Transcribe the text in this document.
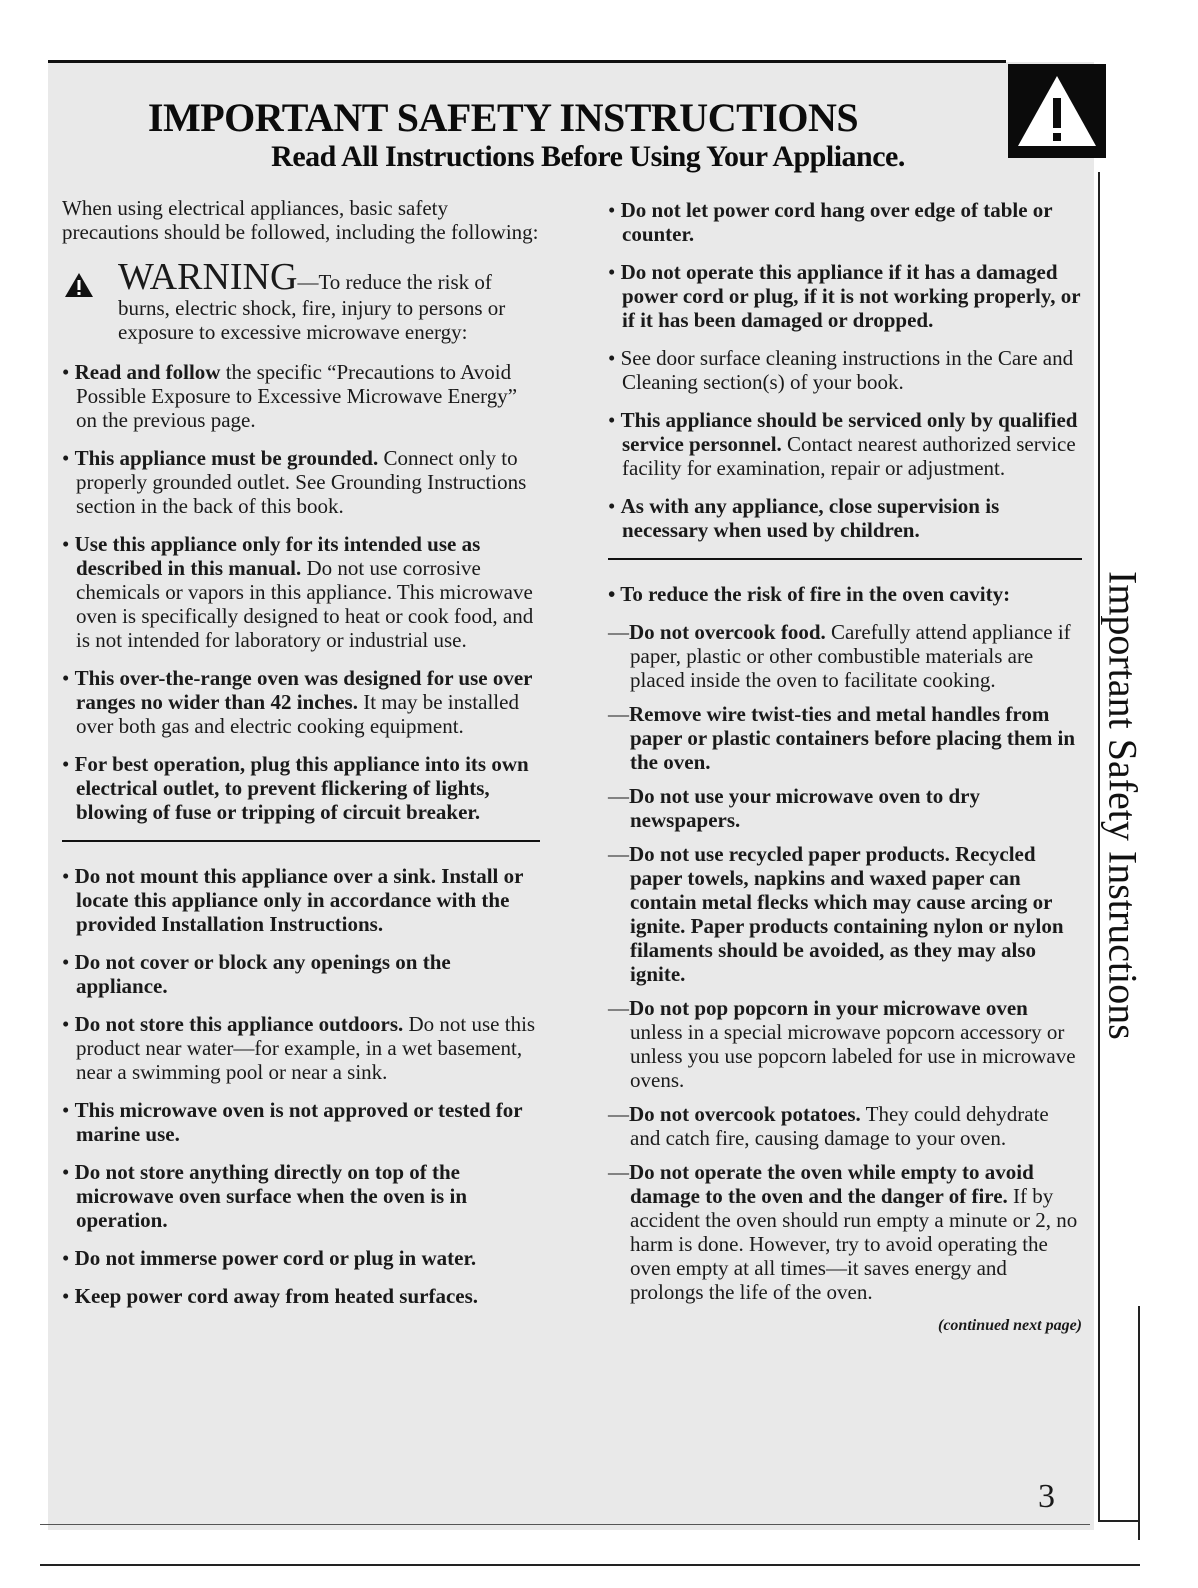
Important Safety Instructions
IMPORTANT SAFETY INSTRUCTIONS
Read All Instructions Before Using Your Appliance.

When using electrical appliances, basic safety precautions should be followed, including the following:

WARNING—To reduce the risk of burns, electric shock, fire, injury to persons or exposure to excessive microwave energy:

• Read and follow the specific “Precautions to Avoid Possible Exposure to Excessive Microwave Energy” on the previous page.

• This appliance must be grounded. Connect only to properly grounded outlet. See Grounding Instructions section in the back of this book.

• Use this appliance only for its intended use as described in this manual. Do not use corrosive chemicals or vapors in this appliance. This microwave oven is specifically designed to heat or cook food, and is not intended for laboratory or industrial use.

• This over-the-range oven was designed for use over ranges no wider than 42 inches. It may be installed over both gas and electric cooking equipment.

• For best operation, plug this appliance into its own electrical outlet, to prevent flickering of lights, blowing of fuse or tripping of circuit breaker.

• Do not mount this appliance over a sink. Install or locate this appliance only in accordance with the provided Installation Instructions.

• Do not cover or block any openings on the appliance.

• Do not store this appliance outdoors. Do not use this product near water—for example, in a wet basement, near a swimming pool or near a sink.

• This microwave oven is not approved or tested for marine use.

• Do not store anything directly on top of the microwave oven surface when the oven is in operation.

• Do not immerse power cord or plug in water.

• Keep power cord away from heated surfaces.

• Do not let power cord hang over edge of table or counter.

• Do not operate this appliance if it has a damaged power cord or plug, if it is not working properly, or if it has been damaged or dropped.

• See door surface cleaning instructions in the Care and Cleaning section(s) of your book.

• This appliance should be serviced only by qualified service personnel. Contact nearest authorized service facility for examination, repair or adjustment.

• As with any appliance, close supervision is necessary when used by children.

• To reduce the risk of fire in the oven cavity:

—Do not overcook food. Carefully attend appliance if paper, plastic or other combustible materials are placed inside the oven to facilitate cooking.

—Remove wire twist-ties and metal handles from paper or plastic containers before placing them in the oven.

—Do not use your microwave oven to dry newspapers.

—Do not use recycled paper products. Recycled paper towels, napkins and waxed paper can contain metal flecks which may cause arcing or ignite. Paper products containing nylon or nylon filaments should be avoided, as they may also ignite.

—Do not pop popcorn in your microwave oven unless in a special microwave popcorn accessory or unless you use popcorn labeled for use in microwave ovens.

—Do not overcook potatoes. They could dehydrate and catch fire, causing damage to your oven.

—Do not operate the oven while empty to avoid damage to the oven and the danger of fire. If by accident the oven should run empty a minute or 2, no harm is done. However, try to avoid operating the oven empty at all times—it saves energy and prolongs the life of the oven.

(continued next page)
3
